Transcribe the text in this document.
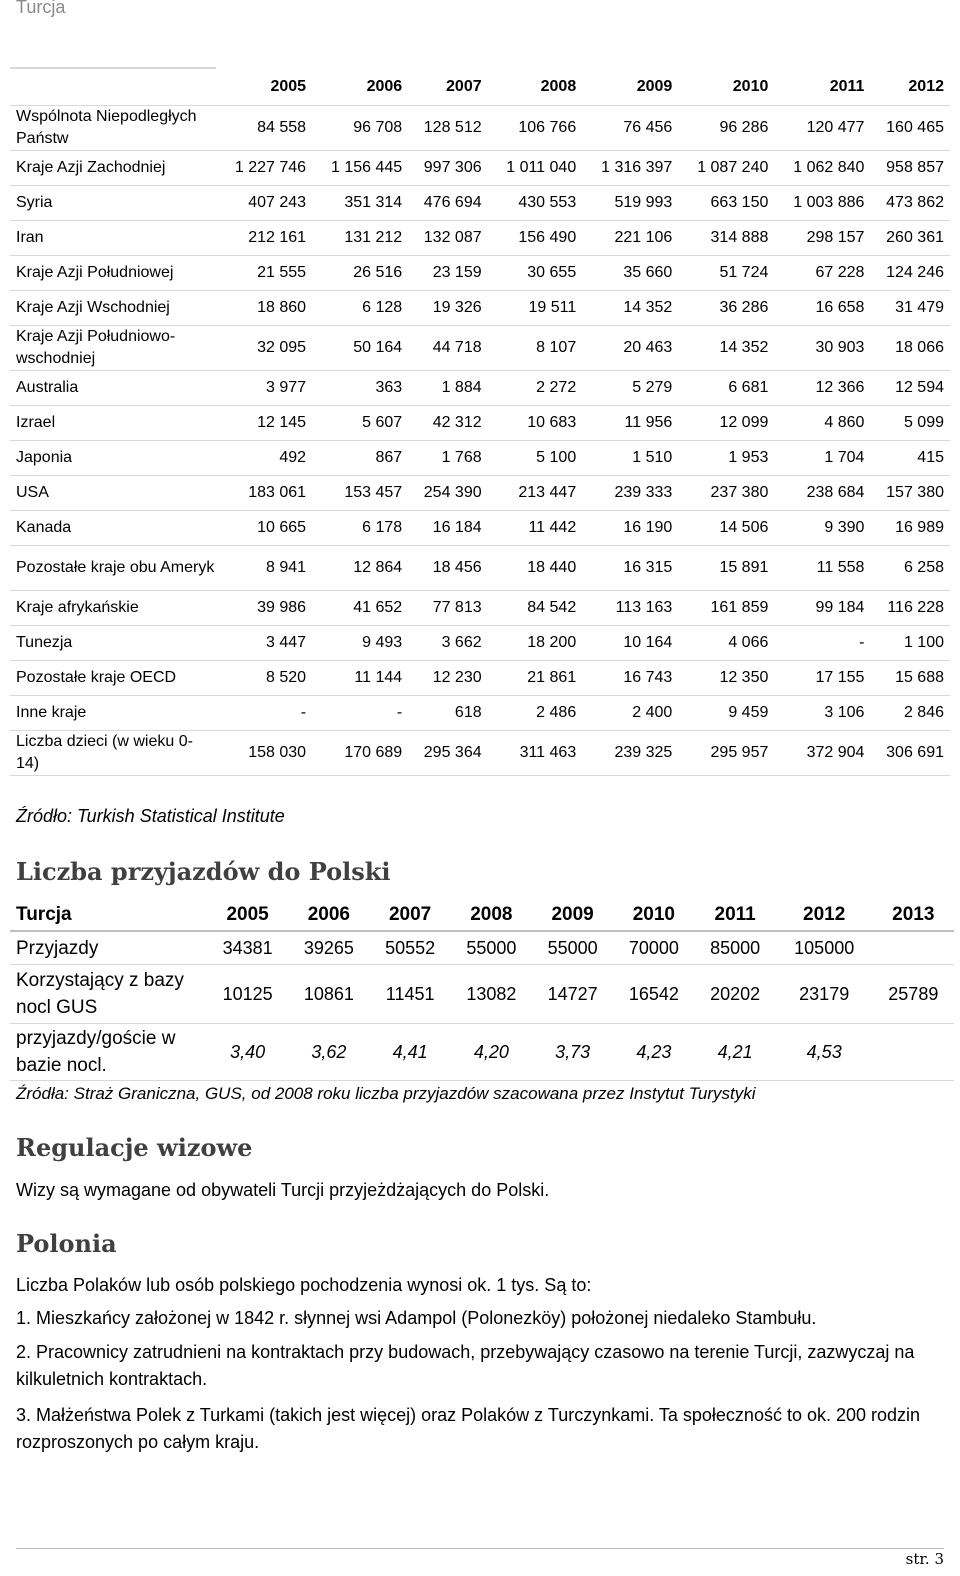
Turcja
	2005	2006	2007	2008	2009	2010	2011	2012
Wspólnota Niepodległych Państw	84 558	96 708	128 512	106 766	76 456	96 286	120 477	160 465
Kraje Azji Zachodniej	1 227 746	1 156 445	997 306	1 011 040	1 316 397	1 087 240	1 062 840	958 857
Syria	407 243	351 314	476 694	430 553	519 993	663 150	1 003 886	473 862
Iran	212 161	131 212	132 087	156 490	221 106	314 888	298 157	260 361
Kraje Azji Południowej	21 555	26 516	23 159	30 655	35 660	51 724	67 228	124 246
Kraje Azji Wschodniej	18 860	6 128	19 326	19 511	14 352	36 286	16 658	31 479
Kraje Azji Południowo-wschodniej	32 095	50 164	44 718	8 107	20 463	14 352	30 903	18 066
Australia	3 977	363	1 884	2 272	5 279	6 681	12 366	12 594
Izrael	12 145	5 607	42 312	10 683	11 956	12 099	4 860	5 099
Japonia	492	867	1 768	5 100	1 510	1 953	1 704	415
USA	183 061	153 457	254 390	213 447	239 333	237 380	238 684	157 380
Kanada	10 665	6 178	16 184	11 442	16 190	14 506	9 390	16 989
Pozostałe kraje obu Ameryk	8 941	12 864	18 456	18 440	16 315	15 891	11 558	6 258
Kraje afrykańskie	39 986	41 652	77 813	84 542	113 163	161 859	99 184	116 228
Tunezja	3 447	9 493	3 662	18 200	10 164	4 066	-	1 100
Pozostałe kraje OECD	8 520	11 144	12 230	21 861	16 743	12 350	17 155	15 688
Inne kraje	-	-	618	2 486	2 400	9 459	3 106	2 846
Liczba dzieci (w wieku 0-14)	158 030	170 689	295 364	311 463	239 325	295 957	372 904	306 691
Źródło: Turkish Statistical Institute
Liczba przyjazdów do Polski
Turcja	2005	2006	2007	2008	2009	2010	2011	2012	2013
Przyjazdy	34381	39265	50552	55000	55000	70000	85000	105000	
Korzystający z bazy nocl GUS	10125	10861	11451	13082	14727	16542	20202	23179	25789
przyjazdy/goście w bazie nocl.	3,40	3,62	4,41	4,20	3,73	4,23	4,21	4,53	
Źródła: Straż Graniczna, GUS, od 2008 roku liczba przyjazdów szacowana przez Instytut Turystyki
Regulacje wizowe
Wizy są wymagane od obywateli Turcji przyjeżdżających do Polski.
Polonia
Liczba Polaków lub osób polskiego pochodzenia wynosi ok. 1 tys. Są to:
1. Mieszkańcy założonej w 1842 r. słynnej wsi Adampol (Polonezköy) położonej niedaleko Stambułu.
2. Pracownicy zatrudnieni na kontraktach przy budowach, przebywający czasowo na terenie Turcji, zazwyczaj na kilkuletnich kontraktach.
3. Małżeństwa Polek z Turkami (takich jest więcej) oraz Polaków z Turczynkami. Ta społeczność to ok. 200 rodzin rozproszonych po całym kraju.
str. 3
